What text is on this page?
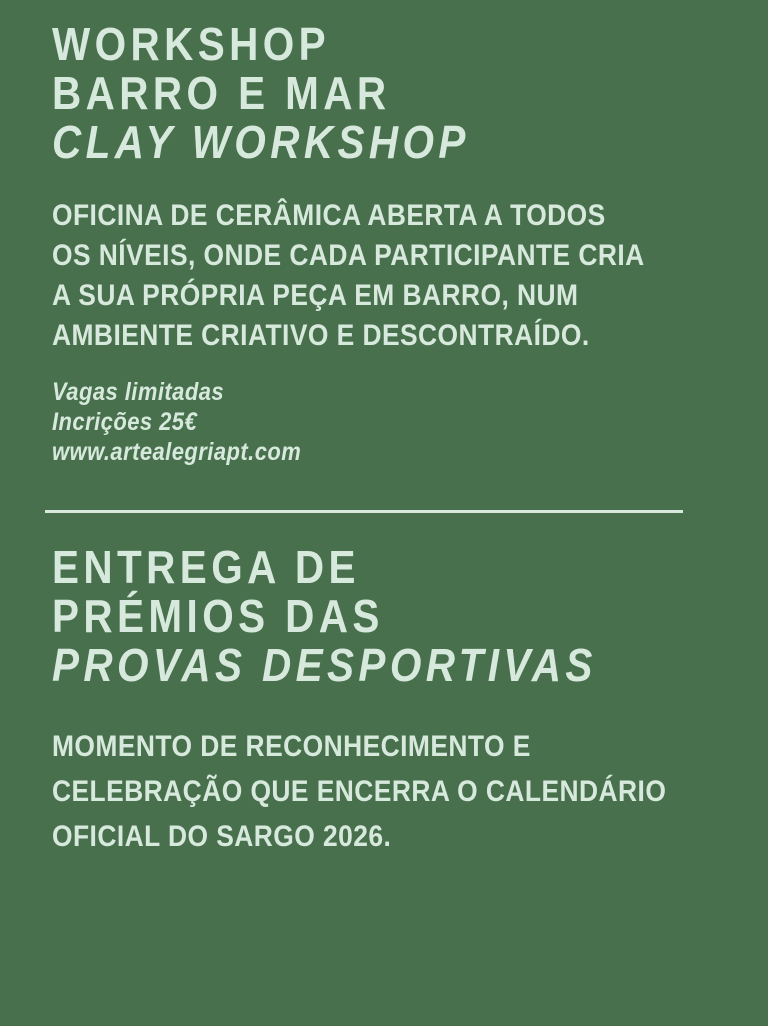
WORKSHOP
BARRO E MAR
CLAY WORKSHOP

OFICINA DE CERÂMICA ABERTA A TODOS
OS NÍVEIS, ONDE CADA PARTICIPANTE CRIA
A SUA PRÓPRIA PEÇA EM BARRO, NUM
AMBIENTE CRIATIVO E DESCONTRAÍDO.

Vagas limitadas
Incrições 25€
www.artealegriapt.com

ENTREGA DE
PRÉMIOS DAS
PROVAS DESPORTIVAS

MOMENTO DE RECONHECIMENTO E
CELEBRAÇÃO QUE ENCERRA O CALENDÁRIO
OFICIAL DO SARGO 2026.
